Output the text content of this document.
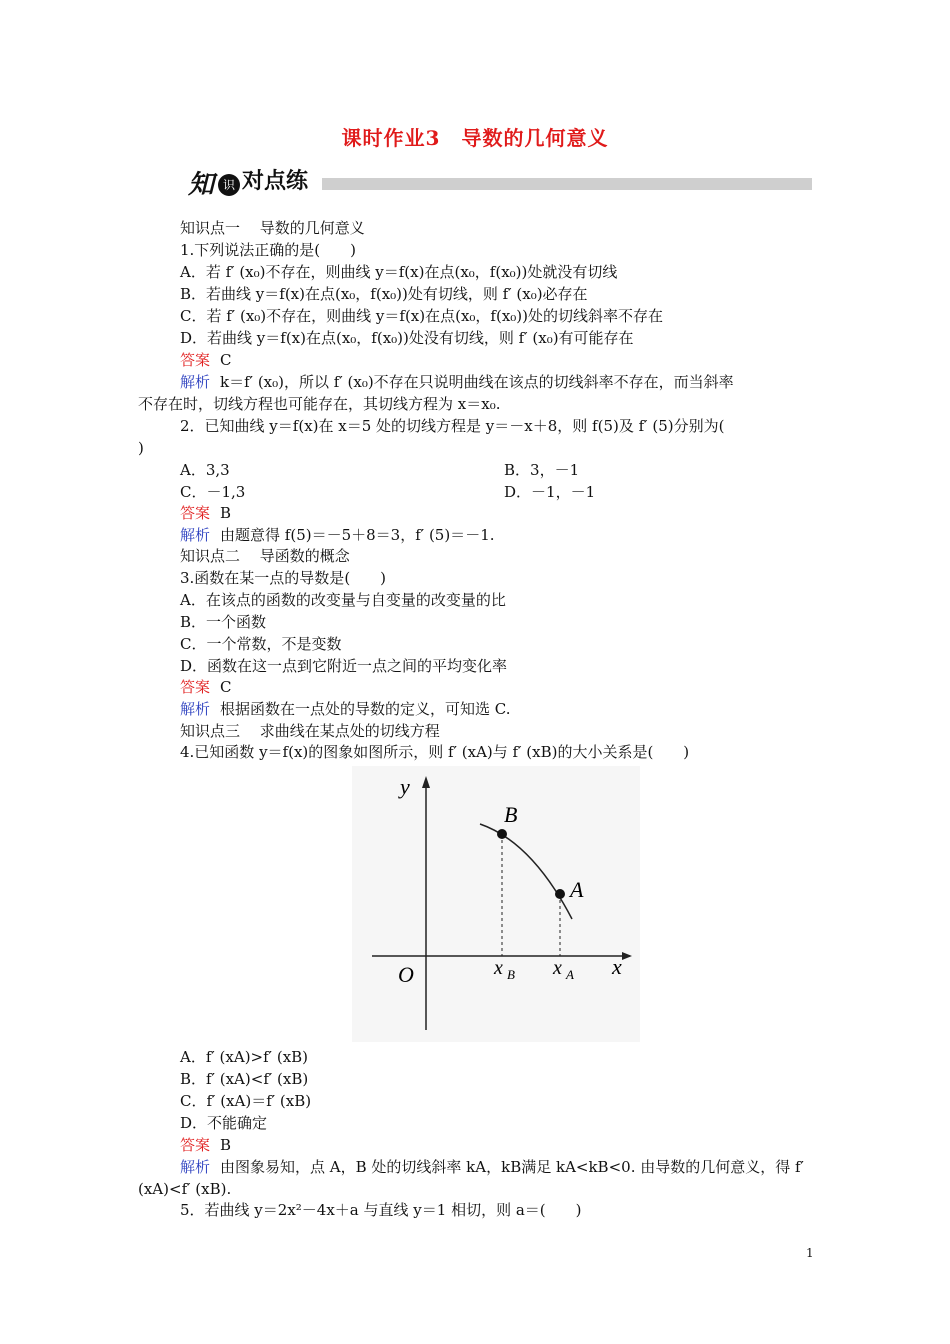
课时作业3　导数的几何意义
知 识 对点练
知识点一　 导数的几何意义
1.下列说法正确的是(　　)
A．若 f′ (x₀)不存在，则曲线 y＝f(x)在点(x₀，f(x₀))处就没有切线
B．若曲线 y＝f(x)在点(x₀，f(x₀))处有切线，则 f′ (x₀)必存在
C．若 f′ (x₀)不存在，则曲线 y＝f(x)在点(x₀，f(x₀))处的切线斜率不存在
D．若曲线 y＝f(x)在点(x₀，f(x₀))处没有切线，则 f′ (x₀)有可能存在
答案 C
解析 k＝f′ (x₀)，所以 f′ (x₀)不存在只说明曲线在该点的切线斜率不存在，而当斜率
不存在时，切线方程也可能存在，其切线方程为 x＝x₀.
2．已知曲线 y＝f(x)在 x＝5 处的切线方程是 y＝－x＋8，则 f(5)及 f′ (5)分别为(
)
A．3,3	B．3，－1
C．－1,3	D．－1，－1
答案 B
解析 由题意得 f(5)＝－5＋8＝3，f′ (5)＝－1.
知识点二　 导函数的概念
3.函数在某一点的导数是(　　)
A．在该点的函数的改变量与自变量的改变量的比
B．一个函数
C．一个常数，不是变数
D．函数在这一点到它附近一点之间的平均变化率
答案 C
解析 根据函数在一点处的导数的定义，可知选 C.
知识点三　 求曲线在某点处的切线方程
4.已知函数 y＝f(x)的图象如图所示，则 f′ (xA)与 f′ (xB)的大小关系是(　　)
y
x
O
B
A
x B x A
A．f′ (xA)>f′ (xB)
B．f′ (xA)<f′ (xB)
C．f′ (xA)＝f′ (xB)
D．不能确定
答案 B
解析 由图象易知，点 A，B 处的切线斜率 kA，kB满足 kA<kB<0. 由导数的几何意义，得 f′
(xA)<f′ (xB).
5．若曲线 y＝2x²－4x＋a 与直线 y＝1 相切，则 a＝(　　)
1
